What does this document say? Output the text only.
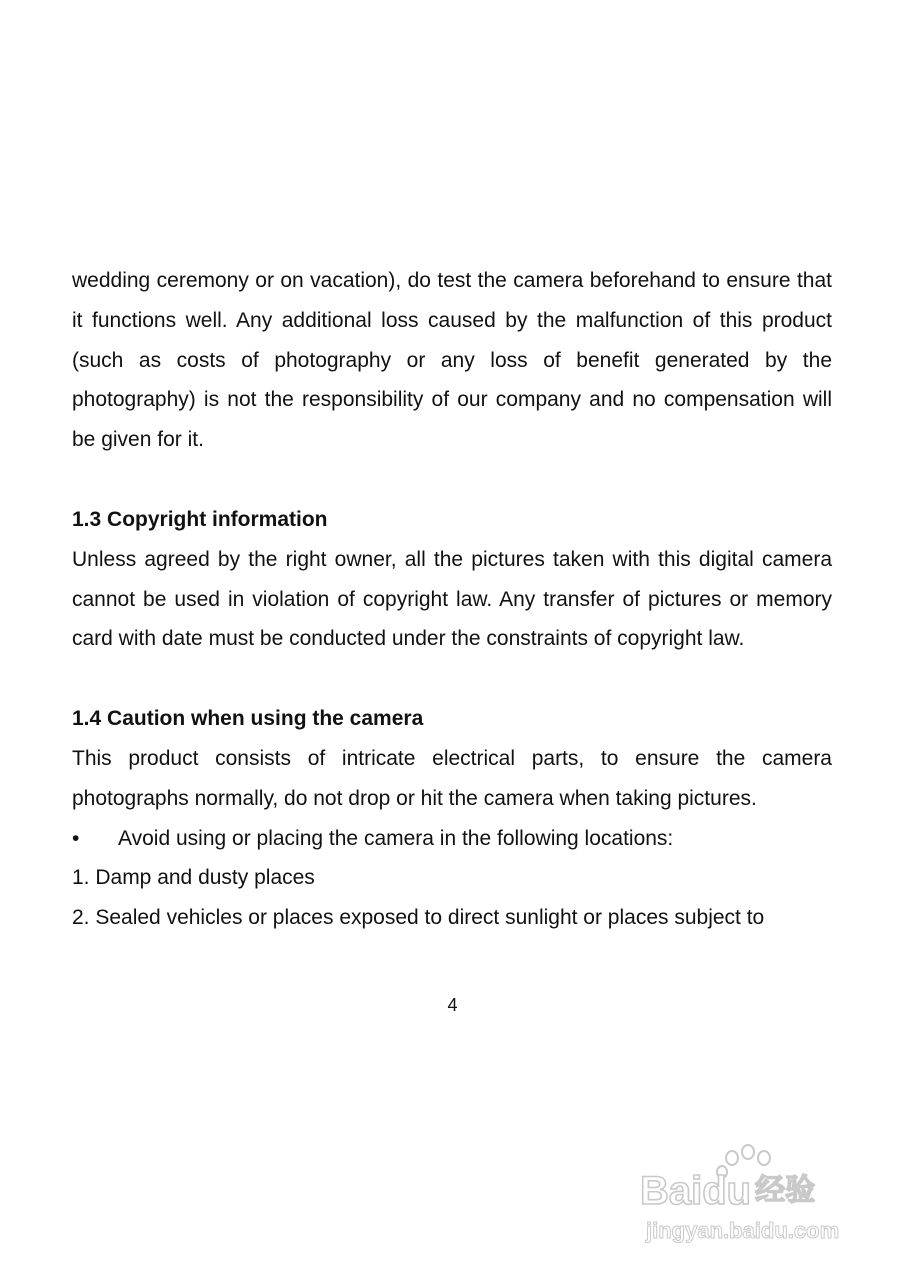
wedding ceremony or on vacation), do test the camera beforehand to ensure that it functions well. Any additional loss caused by the malfunction of this product (such as costs of photography or any loss of benefit generated by the photography) is not the responsibility of our company and no compensation will be given for it.

1.3 Copyright information

Unless agreed by the right owner, all the pictures taken with this digital camera cannot be used in violation of copyright law. Any transfer of pictures or memory card with date must be conducted under the constraints of copyright law.

1.4 Caution when using the camera

This product consists of intricate electrical parts, to ensure the camera photographs normally, do not drop or hit the camera when taking pictures.

•	Avoid using or placing the camera in the following locations:

1. Damp and dusty places

2. Sealed vehicles or places exposed to direct sunlight or places subject to

4
Bai du 经验
jingyan.baidu.com
